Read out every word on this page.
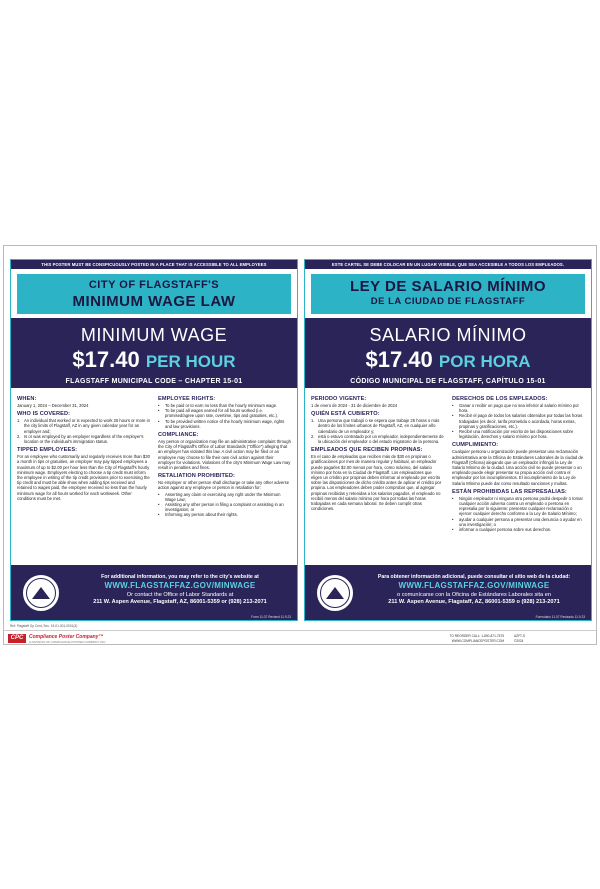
THIS POSTER MUST BE CONSPICUOUSLY POSTED IN A PLACE THAT IS ACCESSIBLE TO ALL EMPLOYEES
CITY OF FLAGSTAFF'S
MINIMUM WAGE LAW
MINIMUM WAGE
$17.40 PER HOUR
FLAGSTAFF MUNICIPAL CODE – CHAPTER 15-01
WHEN:
January 1, 2024 – December 31, 2024
WHO IS COVERED:
1. An individual that worked or is expected to work 25 hours or more in the city limits of Flagstaff, AZ in any given calendar year for an employer and;
2. Is or was employed by an employer regardless of the employer's location or the individual's immigration status.
TIPPED EMPLOYEES:
For an employee who customarily and regularly receives more than $30 a month in tips or gratuities, an employer may pay tipped employees a maximum of up to $2.00 per hour less than the City of Flagstaff's hourly minimum wage. Employers electing to choose a tip credit must inform the employee in writing of the tip credit provisions prior to exercising the tip credit and must be able show when adding tips received and retained to wages paid, the employee received no less than the hourly minimum wage for all hours worked for each workweek. Other conditions must be met.
EMPLOYEE RIGHTS:
• To be paid or to earn no less than the hourly minimum wage.
• To be paid all wages earned for all hours worked (i.e. promised/agree upon rate, overtime, tips and gratuities, etc.).
• To be provided written notice of the hourly minimum wage, rights and law provisions.
COMPLIANCE:
Any person or organization may file an administrative complaint through the City of Flagstaff's Office of Labor Standards ("Office") alleging that an employer has violated this law. A civil action may be filed or an employee may choose to file their own civil action against their employer for violations. Violations of the city's Minimum Wage Law may result in penalties and fines.
RETALIATION PROHIBITED:
No employer or other person shall discharge or take any other adverse action against any employee or person in retaliation for:
• Asserting any claim or exercising any right under the Minimum Wage Law;
• Assisting any other person in filing a complaint or assisting in an investigation; or
• Informing any person about their rights.
For additional information, you may refer to the city's website at
WWW.FLAGSTAFFAZ.GOV/MINWAGE
Or contact the Office of Labor Standards at
211 W. Aspen Avenue, Flagstaff, AZ, 86001-5359 or (928) 213-2071
Form 11.07 Revised 11.9.23
ESTE CARTEL SE DEBE COLOCAR EN UN LUGAR VISIBLE, QUE SEA ACCESIBLE A TODOS LOS EMPLEADOS.
LEY DE SALARIO MÍNIMO
DE LA CIUDAD DE FLAGSTAFF
SALARIO MÍNIMO
$17.40 POR HORA
CÓDIGO MUNICIPAL DE FLAGSTAFF, CAPÍTULO 15-01
PERIODO VIGENTE:
1 de enero de 2024 - 31 de diciembre de 2024
QUIÉN ESTÁ CUBIERTO:
1. Una persona que trabajó o se espera que trabaje 25 horas o más dentro de los límites urbanos de Flagstaff, AZ, en cualquier año calendario de un empleador y;
2. está o estuvo contratado por un empleador, independientemente de la ubicación del empleador o del estado migratorio de la persona.
EMPLEADOS QUE RECIBEN PROPINAS:
En el caso de empleados que reciben más de $30 en propinas o gratificaciones por mes de manera regular y habitual, un empleador puede pagarles $2.00 menos por hora, como máximo, del salario mínimo por hora en la Ciudad de Flagstaff. Los empleadores que eligen un crédito por propinas deben informar al empleado por escrito sobre las disposiciones de dicho crédito antes de aplicar el crédito por propina. Los empleadores deben poder comprobar que, al agregar propinas recibidas y retenidas a los salarios pagados, el empleado no recibió menos del salario mínimo por hora por todas las horas trabajadas en cada semana laboral. Se deben cumplir otras condiciones.
DERECHOS DE LOS EMPLEADOS:
• Ganar o recibir un pago que no sea inferior al salario mínimo por hora.
• Recibir el pago de todos los salarios obtenidos por todas las horas trabajadas (es decir, tarifa prometida o acordada, horas extras, propinas y gratificaciones, etc.).
• Recibir una notificación por escrito de las disposiciones sobre legislación, derechos y salario mínimo por hora.
CUMPLIMIENTO:
Cualquier persona u organización puede presentar una reclamación administrativa ante la Oficina de Estándares Laborales de la ciudad de Flagstaff (Oficina) alegando que un empleador infringió la Ley de Salario Mínimo de la ciudad. Una acción civil se puede presentar o un empleado puede elegir presentar su propia acción civil contra el empleador por los incumplimientos. El incumplimiento de la Ley de Salario Mínimo puede dar como resultado sanciones y multas.
ESTÁN PROHIBIDAS LAS REPRESALIAS:
• Ningún empleador ni ninguna otra persona podrá despedir o tomar cualquier acción adversa contra un empleado o persona en represalia por lo siguiente: presentar cualquier reclamación o ejercer cualquier derecho conforme a la Ley de Salario Mínimo;
• ayudar a cualquier persona a presentar una denuncia o ayudar en una investigación; o
• informar a cualquier persona sobre sus derechos.
Para obtener información adicional, puede consultar el sitio web de la ciudad:
WWW.FLAGSTAFFAZ.GOV/MINWAGE
o comunícarse con la Oficina de Estándares Laborales sita en
211 W. Aspen Avenue, Flagstaff, AZ, 86001-5359 o (928) 213-2071
Formulario 11.07 Revisado 11.9.23
Ref: Flagstaff Op Cent, Sec. 15-01-001-0001(3)
CPC	Compliance Poster Company™
A DIVISION OF COMPLIANCE POSTER COMPANY INC.
TO REORDER CALL: 1-800-871-7575
WWW.COMPLIANCEPOSTER.COM
AZFT-S
©2024
